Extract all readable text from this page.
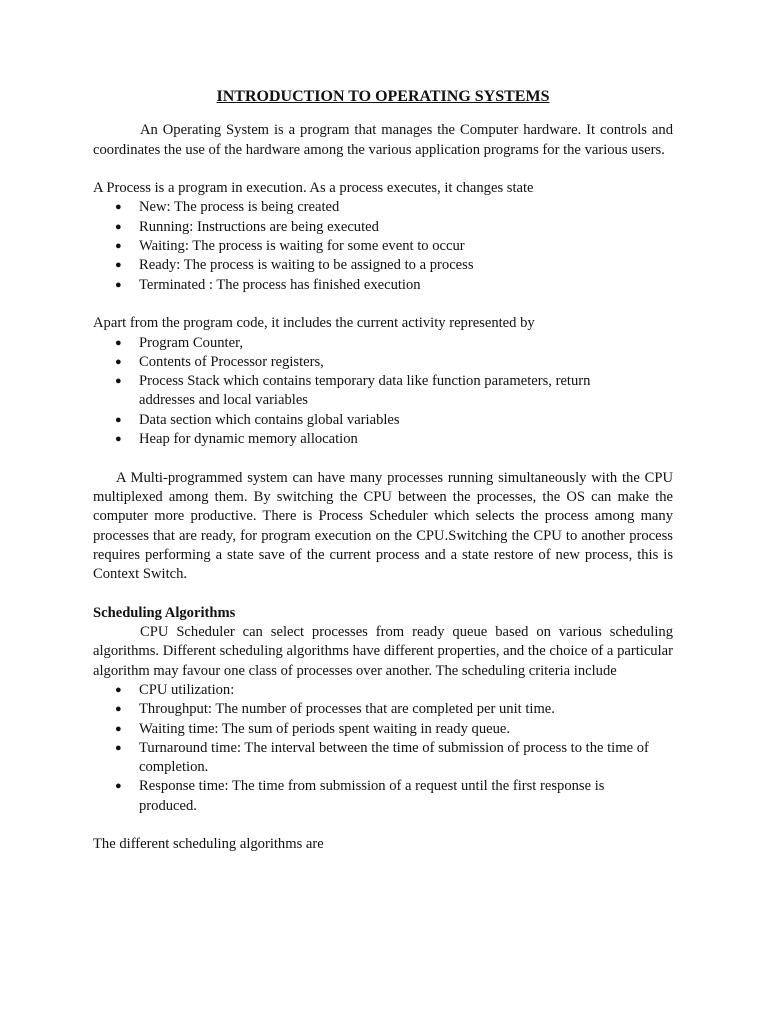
INTRODUCTION TO OPERATING SYSTEMS

An Operating System is a program that manages the Computer hardware. It controls and coordinates the use of the hardware among the various application programs for the various users.

A Process is a program in execution. As a process executes, it changes state

● New: The process is being created
● Running: Instructions are being executed
● Waiting: The process is waiting for some event to occur
● Ready: The process is waiting to be assigned to a process
● Terminated : The process has finished execution

Apart from the program code, it includes the current activity represented by

● Program Counter,
● Contents of Processor registers,
● Process Stack which contains temporary data like function parameters, return addresses and local variables
● Data section which contains global variables
● Heap for dynamic memory allocation

A Multi-programmed system can have many processes running simultaneously with the CPU multiplexed among them. By switching the CPU between the processes, the OS can make the computer more productive. There is Process Scheduler which selects the process among many processes that are ready, for program execution on the CPU.Switching the CPU to another process requires performing a state save of the current process and a state restore of new process, this is Context Switch.

Scheduling Algorithms

CPU Scheduler can select processes from ready queue based on various scheduling algorithms. Different scheduling algorithms have different properties, and the choice of a particular algorithm may favour one class of processes over another. The scheduling criteria include

● CPU utilization:
● Throughput: The number of processes that are completed per unit time.
● Waiting time: The sum of periods spent waiting in ready queue.
● Turnaround time: The interval between the time of submission of process to the time of completion.
● Response time: The time from submission of a request until the first response is produced.

The different scheduling algorithms are
